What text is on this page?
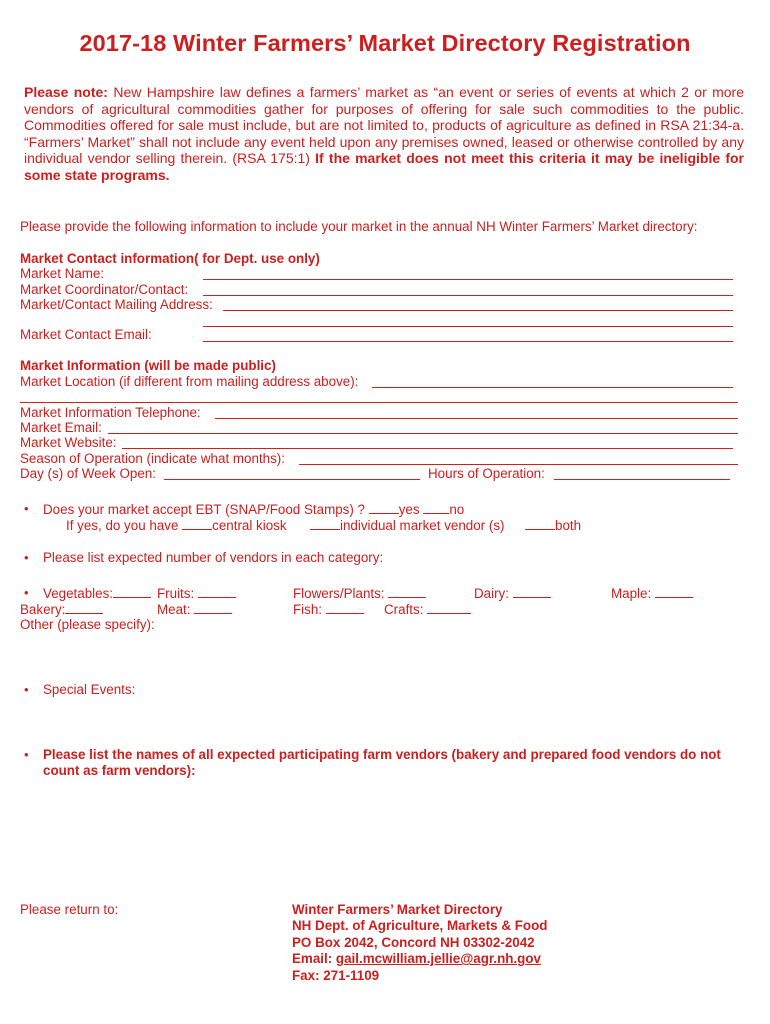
2017-18 Winter Farmers’ Market Directory Registration
Please note: New Hampshire law defines a farmers’ market as “an event or series of events at which 2 or more vendors of agricultural commodities gather for purposes of offering for sale such commodities to the public. Commodities offered for sale must include, but are not limited to, products of agriculture as defined in RSA 21:34-a. “Farmers’ Market” shall not include any event held upon any premises owned, leased or otherwise controlled by any individual vendor selling therein. (RSA 175:1) If the market does not meet this criteria it may be ineligible for some state programs.
Please provide the following information to include your market in the annual NH Winter Farmers’ Market directory:
Market Contact information( for Dept. use only)
Market Name:
Market Coordinator/Contact:
Market/Contact Mailing Address:
Market Contact Email:
Market Information (will be made public)
Market Location (if different from mailing address above):
Market Information Telephone:
Market Email:
Market Website:
Season of Operation (indicate what months):
Day (s) of Week Open:	Hours of Operation:
• Does your market accept EBT (SNAP/Food Stamps) ?	yes no
If yes, do you have	central kiosk	individual market vendor (s)	both
• Please list expected number of vendors in each category:
• Vegetables:	Fruits:	Flowers/Plants:	Dairy:	Maple:
Bakery:	Meat:	Fish:	Crafts:
Other (please specify):
• Special Events:
• Please list the names of all expected participating farm vendors (bakery and prepared food vendors do not count as farm vendors):
Please return to:	Winter Farmers’ Market Directory
NH Dept. of Agriculture, Markets & Food
PO Box 2042, Concord NH 03302-2042
Email: gail.mcwilliam.jellie@agr.nh.gov
Fax: 271-1109
